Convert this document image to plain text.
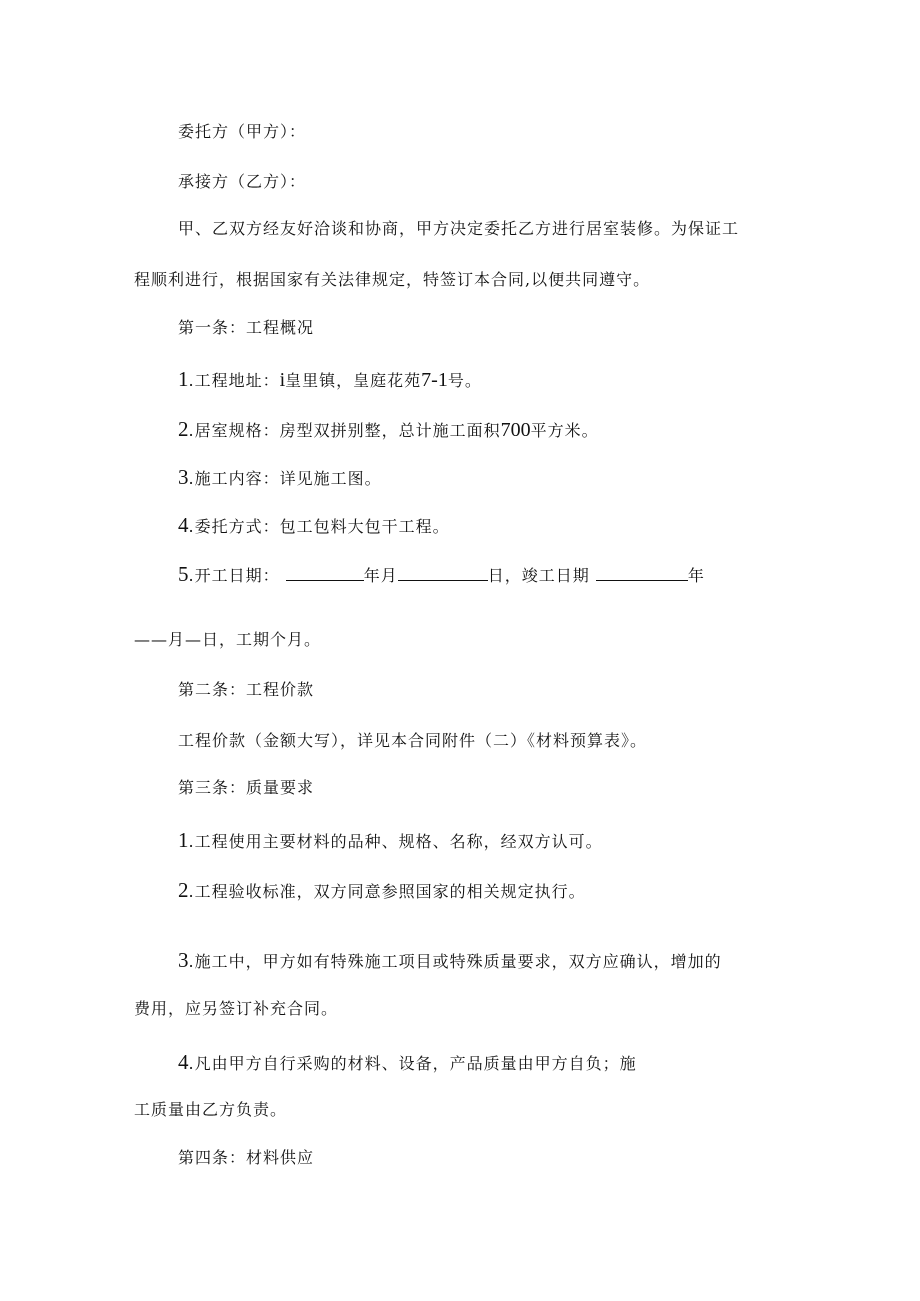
委托方（甲方）：

承接方（乙方）：

甲、乙双方经友好洽谈和协商，甲方决定委托乙方进行居室装修。为保证工

程顺利进行，根据国家有关法律规定，特签订本合同,以便共同遵守。

第一条：工程概况

1.工程地址：i皇里镇，皇庭花苑7-1号。

2.居室规格：房型双拼别整，总计施工面积700平方米。

3.施工内容：详见施工图。

4.委托方式：包工包料大包干工程。

5.开工日期：	年月	日，竣工日期	年

——月—日，工期个月。

第二条：工程价款

工程价款（金额大写），详见本合同附件（二）《材料预算表》。

第三条：质量要求

1.工程使用主要材料的品种、规格、名称，经双方认可。

2.工程验收标准，双方同意参照国家的相关规定执行。

3.施工中，甲方如有特殊施工项目或特殊质量要求，双方应确认，增加的

费用，应另签订补充合同。

4.凡由甲方自行采购的材料、设备，产品质量由甲方自负；施

工质量由乙方负责。

第四条：材料供应
